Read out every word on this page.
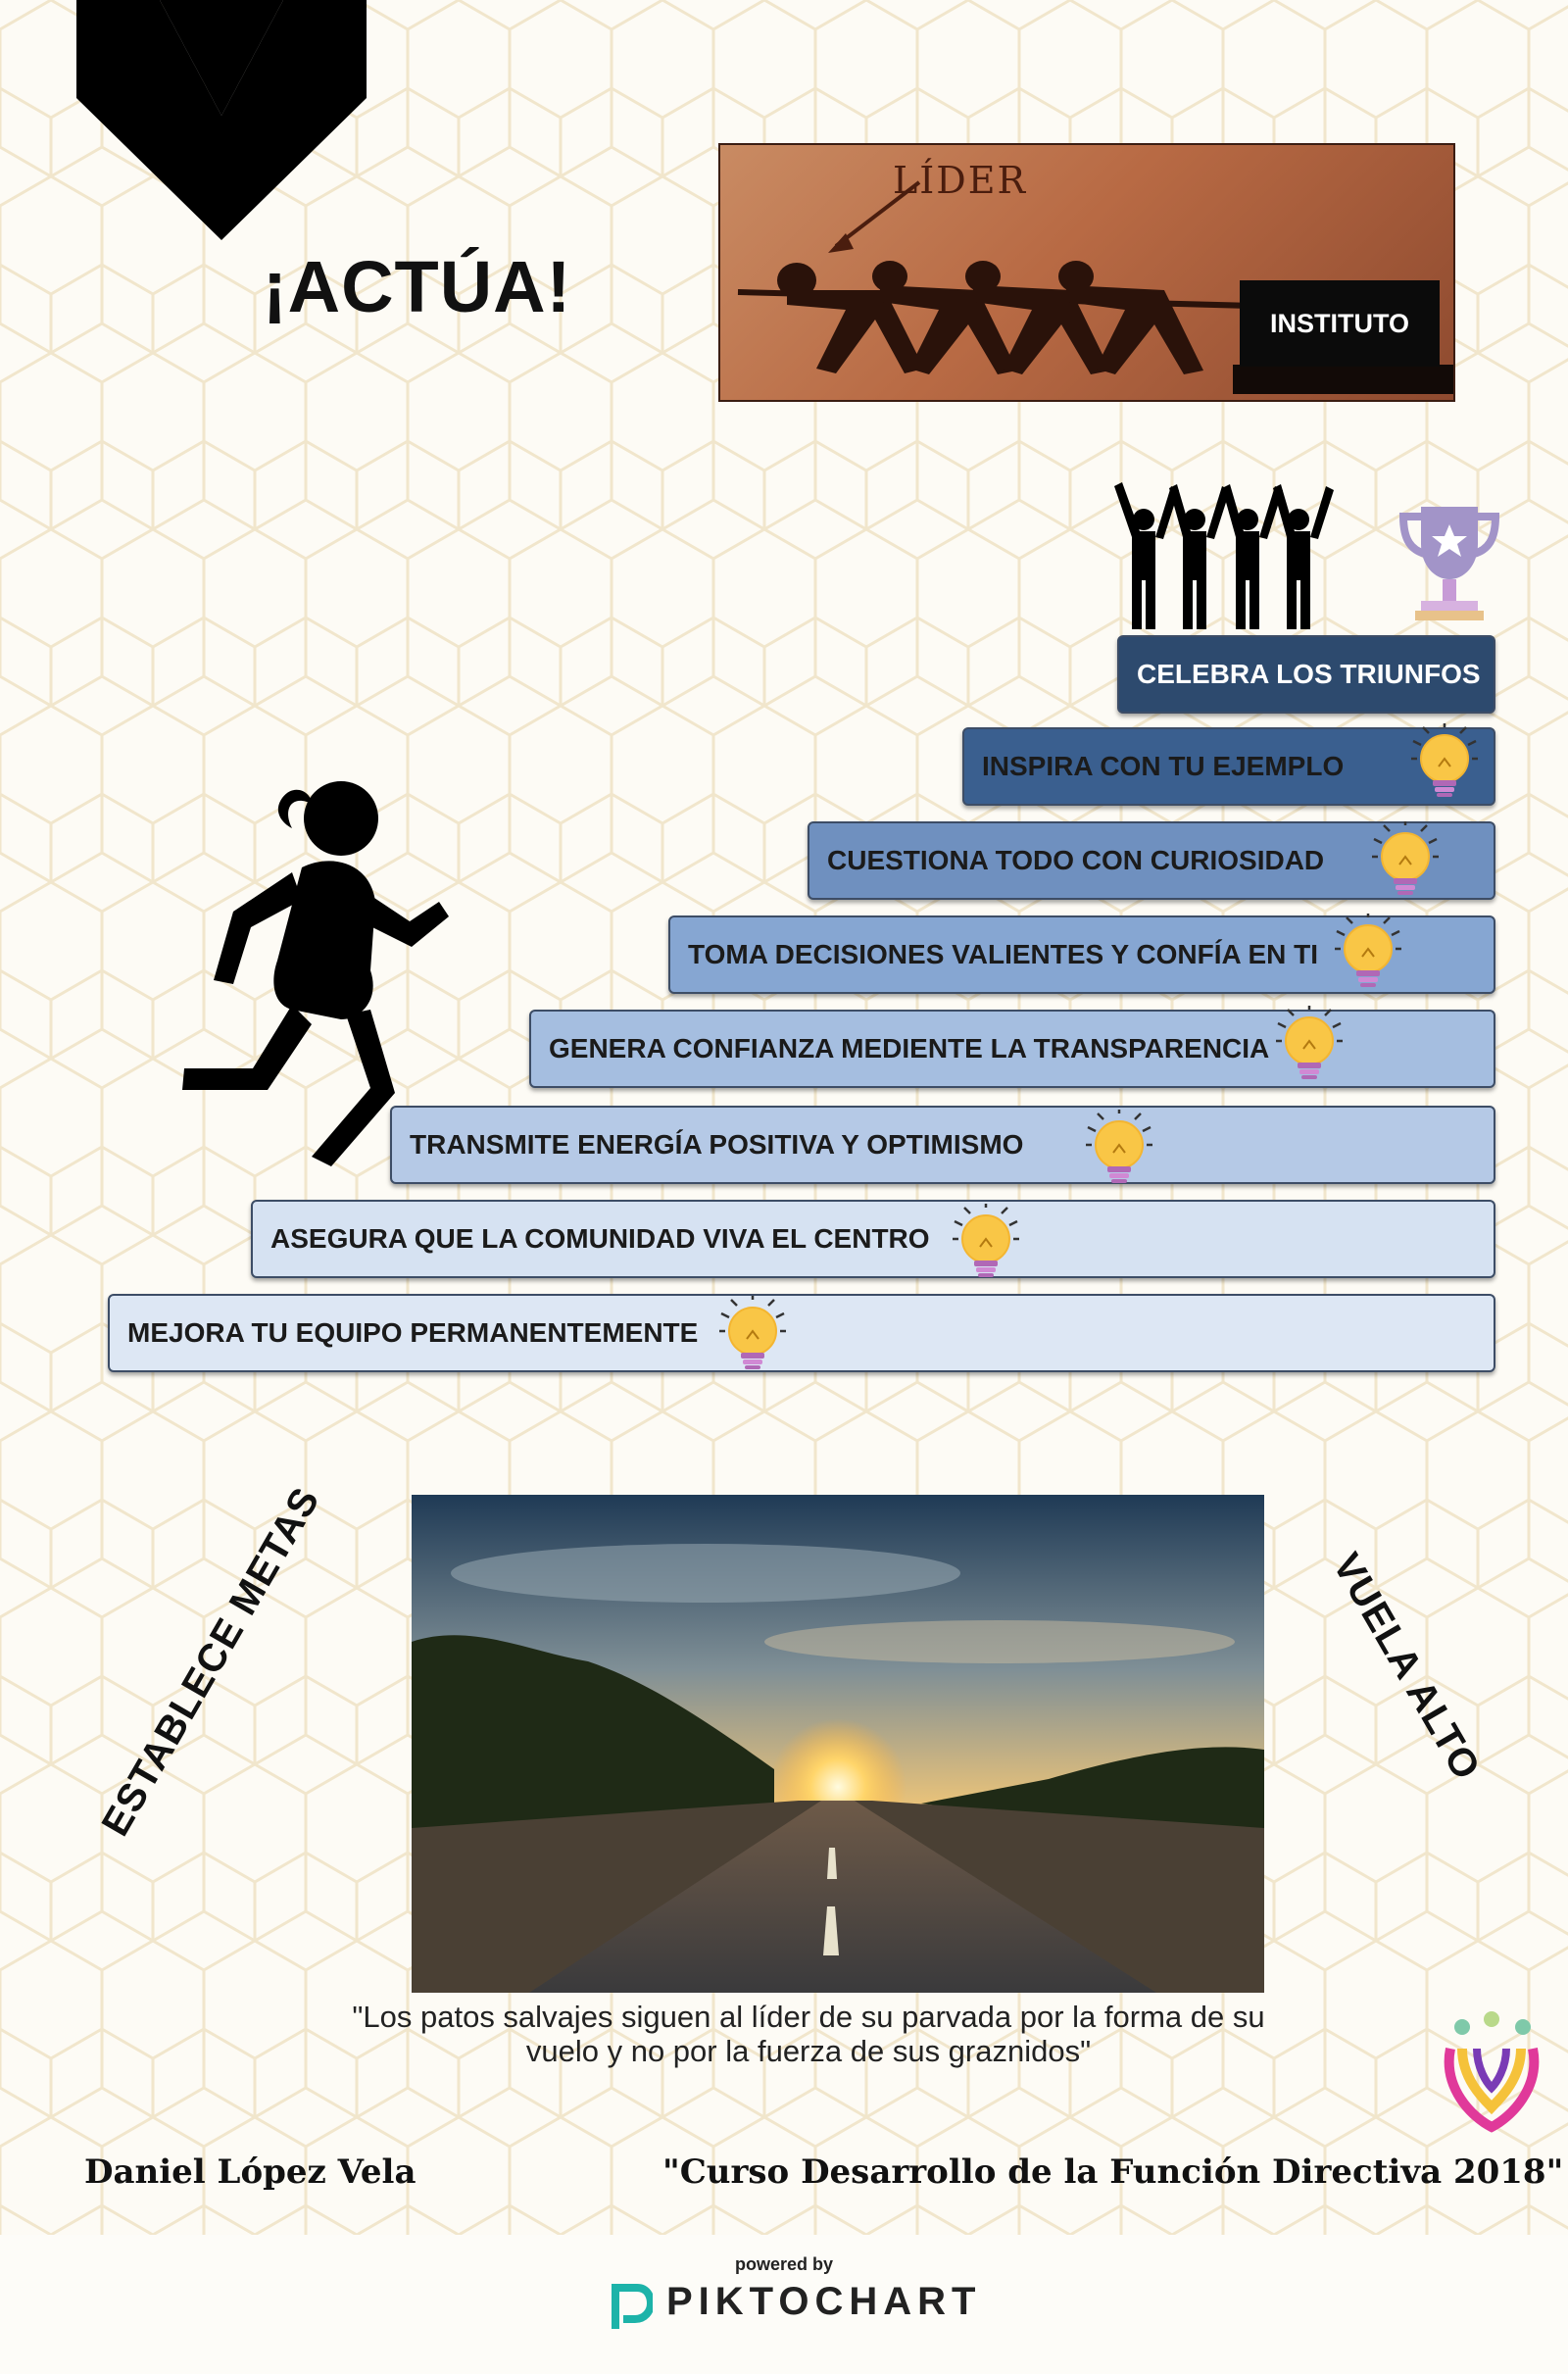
¡ACTÚA!
LÍDER
INSTITUTO
CELEBRA LOS TRIUNFOS
INSPIRA CON TU EJEMPLO
CUESTIONA TODO CON CURIOSIDAD
TOMA DECISIONES VALIENTES Y CONFÍA EN TI
GENERA CONFIANZA MEDIENTE LA TRANSPARENCIA
TRANSMITE ENERGÍA POSITIVA Y OPTIMISMO
ASEGURA QUE LA COMUNIDAD VIVA EL CENTRO
MEJORA TU EQUIPO PERMANENTEMENTE
ESTABLECE METAS	VUELA ALTO
"Los patos salvajes siguen al líder de su parvada por la forma de su
vuelo y no por la fuerza de sus graznidos"
Daniel López Vela	"Curso Desarrollo de la Función Directiva 2018"
powered by
PIKTOCHART
